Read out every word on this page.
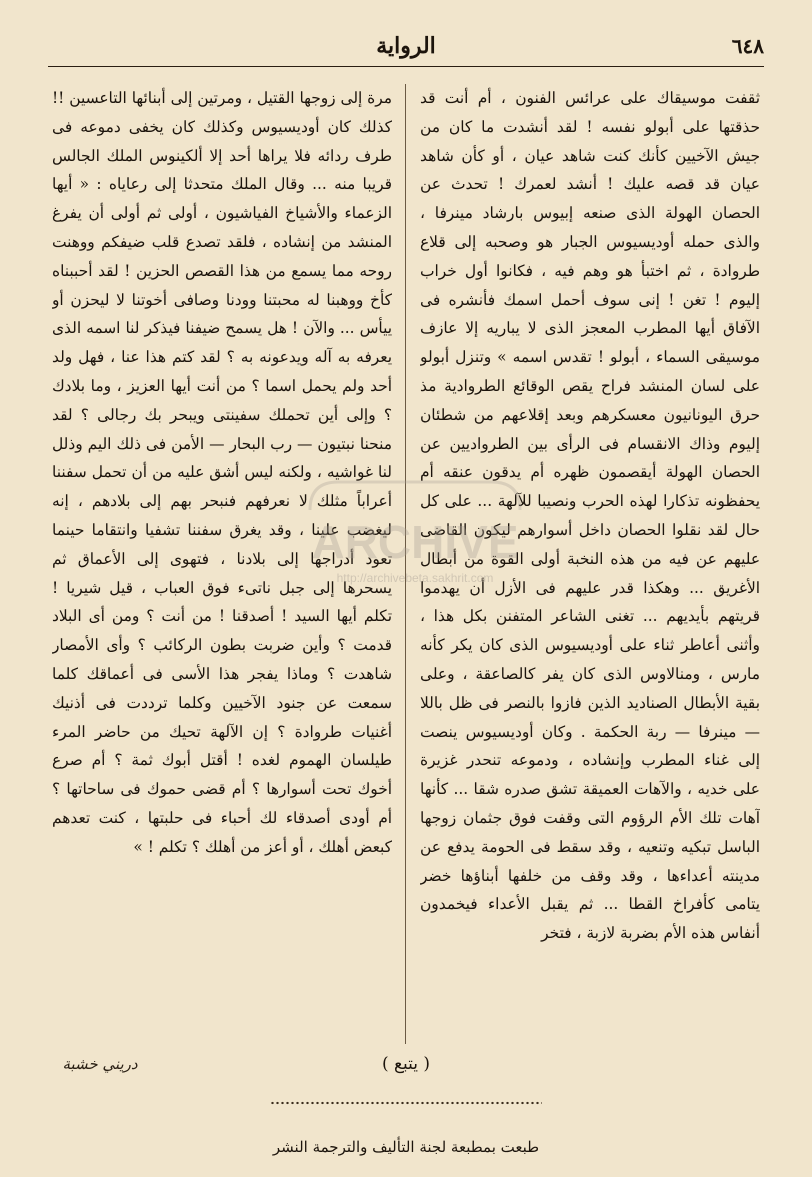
٦٤٨
الرواية

ثقفت موسيقاك على عرائس الفنون ، أم أنت قد حذقتها على أبولو نفسه ! لقد أنشدت ما كان من جيش الآخيين كأنك كنت شاهد عيان ، أو كأن شاهد عيان قد قصه عليك ! أنشد لعمرك ! تحدث عن الحصان الهولة الذى صنعه إبيوس بارشاد مينرفا ، والذى حمله أوديسيوس الجبار هو وصحبه إلى قلاع طروادة ، ثم اختبأ هو وهم فيه ، فكانوا أول خراب إليوم ! تغن ! إنى سوف أحمل اسمك فأنشره فى الآفاق أيها المطرب المعجز الذى لا يباريه إلا عازف موسيقى السماء ، أبولو ! تقدس اسمه » وتنزل أبولو على لسان المنشد فراح يقص الوقائع الطروادية مذ حرق اليونانيون معسكرهم وبعد إقلاعهم من شطئان إليوم وذاك الانقسام فى الرأى بين الطرواديين عن الحصان الهولة أيقصمون ظهره أم يدقون عنقه أم يحفظونه تذكارا لهذه الحرب ونصيبا للآلهة ... على كل حال لقد نقلوا الحصان داخل أسوارهم ليكون القاضى عليهم عن فيه من هذه النخبة أولى القوة من أبطال الأغريق ... وهكذا قدر عليهم فى الأزل أن يهدموا قريتهم بأيديهم ... تغنى الشاعر المتفنن بكل هذا ، وأثنى أعاطر ثناء على أوديسيوس الذى كان يكر كأنه مارس ، ومنالاوس الذى كان يفر كالصاعقة ، وعلى بقية الأبطال الصناديد الذين فازوا بالنصر فى ظل باللا — مينرفا — ربة الحكمة . وكان أوديسيوس ينصت إلى غناء المطرب وإنشاده ، ودموعه تنحدر غزيرة على خديه ، والآهات العميقة تشق صدره شقا ... كأنها آهات تلك الأم الرؤوم التى وقفت فوق جثمان زوجها الباسل تبكيه وتنعيه ، وقد سقط فى الحومة يدفع عن مدينته أعداءها ، وقد وقف من خلفها أبناؤها خضر يتامى كأفراخ القطا ... ثم يقبل الأعداء فيخمدون أنفاس هذه الأم بضربة لازبة ، فتخر

مرة إلى زوجها القتيل ، ومرتين إلى أبنائها التاعسين !! كذلك كان أوديسيوس وكذلك كان يخفى دموعه فى طرف ردائه فلا يراها أحد إلا ألكينوس الملك الجالس قريبا منه ... وقال الملك متحدثا إلى رعاياه : « أيها الزعماء والأشياخ الفياشيون ، أولى ثم أولى أن يفرغ المنشد من إنشاده ، فلقد تصدع قلب ضيفكم ووهنت روحه مما يسمع من هذا القصص الحزين ! لقد أحببناه كأخ ووهبنا له محبتنا وودنا وصافى أخوتنا لا ليحزن أو ييأس ... والآن ! هل يسمح ضيفنا فيذكر لنا اسمه الذى يعرفه به آله ويدعونه به ؟ لقد كتم هذا عنا ، فهل ولد أحد ولم يحمل اسما ؟ من أنت أيها العزيز ، وما بلادك ؟ وإلى أين تحملك سفينتى ويبحر بك رجالى ؟ لقد منحنا نبتيون — رب البحار — الأمن فى ذلك اليم وذلل لنا غواشيه ، ولكنه ليس أشق عليه من أن تحمل سفننا أعراباً مثلك لا نعرفهم فنبحر بهم إلى بلادهم ، إنه ليغضب علينا ، وقد يغرق سفننا تشفيا وانتقاما حينما تعود أدراجها إلى بلادنا ، فتهوى إلى الأعماق ثم يسحرها إلى جبل ناتىء فوق العباب ، قيل شيريا ! تكلم أيها السيد ! أصدقنا ! من أنت ؟ ومن أى البلاد قدمت ؟ وأين ضربت بطون الركائب ؟ وأى الأمصار شاهدت ؟ وماذا يفجر هذا الأسى فى أعماقك كلما سمعت عن جنود الآخيين وكلما ترددت فى أذنيك أغنيات طروادة ؟ إن الآلهة تحيك من حاضر المرء طيلسان الهموم لغده ! أقتل أبوك ثمة ؟ أم صرع أخوك تحت أسوارها ؟ أم قضى حموك فى ساحاتها ؟ أم أودى أصدقاء لك أحباء فى حلبتها ، كنت تعدهم كبعض أهلك ، أو أعز من أهلك ؟ تكلم ! »

( يتبع )
دريني خشبة
طبعت بمطبعة لجنة التأليف والترجمة النشر
ARCHIVE
http://archivebeta.sakhrit.com
